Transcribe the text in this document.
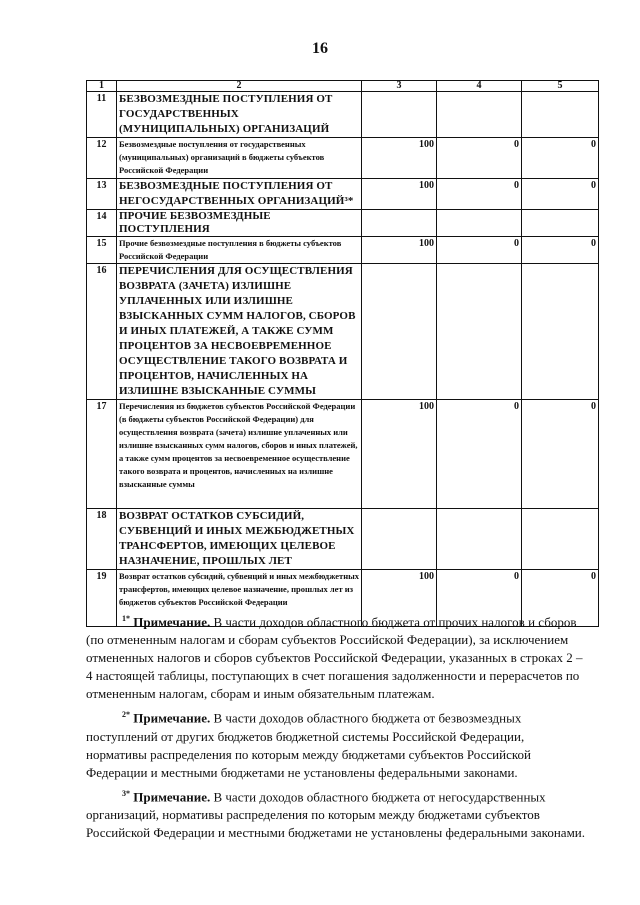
16
1	2	3	4	5
11	БЕЗВОЗМЕЗДНЫЕ ПОСТУПЛЕНИЯ ОТ ГОСУДАРСТВЕННЫХ (МУНИЦИПАЛЬНЫХ) ОРГАНИЗАЦИЙ			
12	Безвозмездные поступления от государственных (муниципальных) организаций в бюджеты субъектов Российской Федерации	100	0	0
13	БЕЗВОЗМЕЗДНЫЕ ПОСТУПЛЕНИЯ ОТ НЕГОСУДАРСТВЕННЫХ ОРГАНИЗАЦИЙ³*	100	0	0
14	ПРОЧИЕ БЕЗВОЗМЕЗДНЫЕ ПОСТУПЛЕНИЯ			
15	Прочие безвозмездные поступления в бюджеты субъектов Российской Федерации	100	0	0
16	ПЕРЕЧИСЛЕНИЯ ДЛЯ ОСУЩЕСТВЛЕНИЯ ВОЗВРАТА (ЗАЧЕТА) ИЗЛИШНЕ УПЛАЧЕННЫХ ИЛИ ИЗЛИШНЕ ВЗЫСКАННЫХ СУММ НАЛОГОВ, СБОРОВ И ИНЫХ ПЛАТЕЖЕЙ, А ТАКЖЕ СУММ ПРОЦЕНТОВ ЗА НЕСВОЕВРЕМЕННОЕ ОСУЩЕСТВЛЕНИЕ ТАКОГО ВОЗВРАТА И ПРОЦЕНТОВ, НАЧИСЛЕННЫХ НА ИЗЛИШНЕ ВЗЫСКАННЫЕ СУММЫ			
17	Перечисления из бюджетов субъектов Российской Федерации (в бюджеты субъектов Российской Федерации) для осуществления возврата (зачета) излишне уплаченных или излишне взысканных сумм налогов, сборов и иных платежей, а также сумм процентов за несвоевременное осуществление такого возврата и процентов, начисленных на излишне взысканные суммы	100	0	0
18	ВОЗВРАТ ОСТАТКОВ СУБСИДИЙ, СУБВЕНЦИЙ И ИНЫХ МЕЖБЮДЖЕТНЫХ ТРАНСФЕРТОВ, ИМЕЮЩИХ ЦЕЛЕВОЕ НАЗНАЧЕНИЕ, ПРОШЛЫХ ЛЕТ			
19	Возврат остатков субсидий, субвенций и иных межбюджетных трансфертов, имеющих целевое назначение, прошлых лет из бюджетов субъектов Российской Федерации	100	0	0

$^{1*}$ Примечание. В части доходов областного бюджета от прочих налогов и сборов (по отмененным налогам и сборам субъектов Российской Федерации), за исключением отмененных налогов и сборов субъектов Российской Федерации, указанных в строках 2 – 4 настоящей таблицы, поступающих в счет погашения задолженности и перерасчетов по отмененным налогам, сборам и иным обязательным платежам.

$^{2*}$ Примечание. В части доходов областного бюджета от безвозмездных поступлений от других бюджетов бюджетной системы Российской Федерации, нормативы распределения по которым между бюджетами субъектов Российской Федерации и местными бюджетами не установлены федеральными законами.

$^{3*}$ Примечание. В части доходов областного бюджета от негосударственных организаций, нормативы распределения по которым между бюджетами субъектов Российской Федерации и местными бюджетами не установлены федеральными законами.
